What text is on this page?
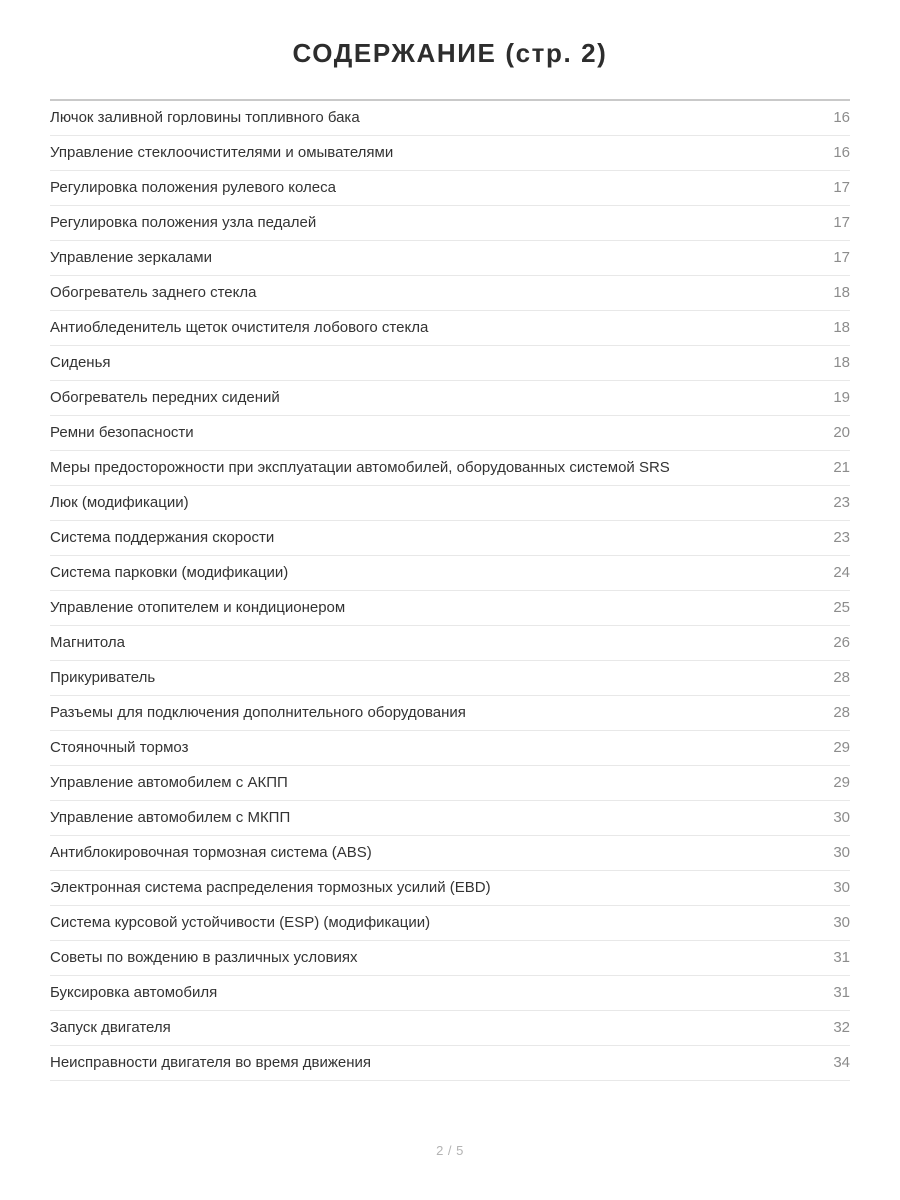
СОДЕРЖАНИЕ (стр. 2)
Лючок заливной горловины топливного бака	16
Управление стеклоочистителями и омывателями	16
Регулировка положения рулевого колеса	17
Регулировка положения узла педалей	17
Управление зеркалами	17
Обогреватель заднего стекла	18
Антиобледенитель щеток очистителя лобового стекла	18
Сиденья	18
Обогреватель передних сидений	19
Ремни безопасности	20
Меры предосторожности при эксплуатации автомобилей, оборудованных системой SRS	21
Люк (модификации)	23
Система поддержания скорости	23
Система парковки (модификации)	24
Управление отопителем и кондиционером	25
Магнитола	26
Прикуриватель	28
Разъемы для подключения дополнительного оборудования	28
Стояночный тормоз	29
Управление автомобилем с АКПП	29
Управление автомобилем с МКПП	30
Антиблокировочная тормозная система (ABS)	30
Электронная система распределения тормозных усилий (EBD)	30
Система курсовой устойчивости (ESP) (модификации)	30
Советы по вождению в различных условиях	31
Буксировка автомобиля	31
Запуск двигателя	32
Неисправности двигателя во время движения	34
2 / 5
